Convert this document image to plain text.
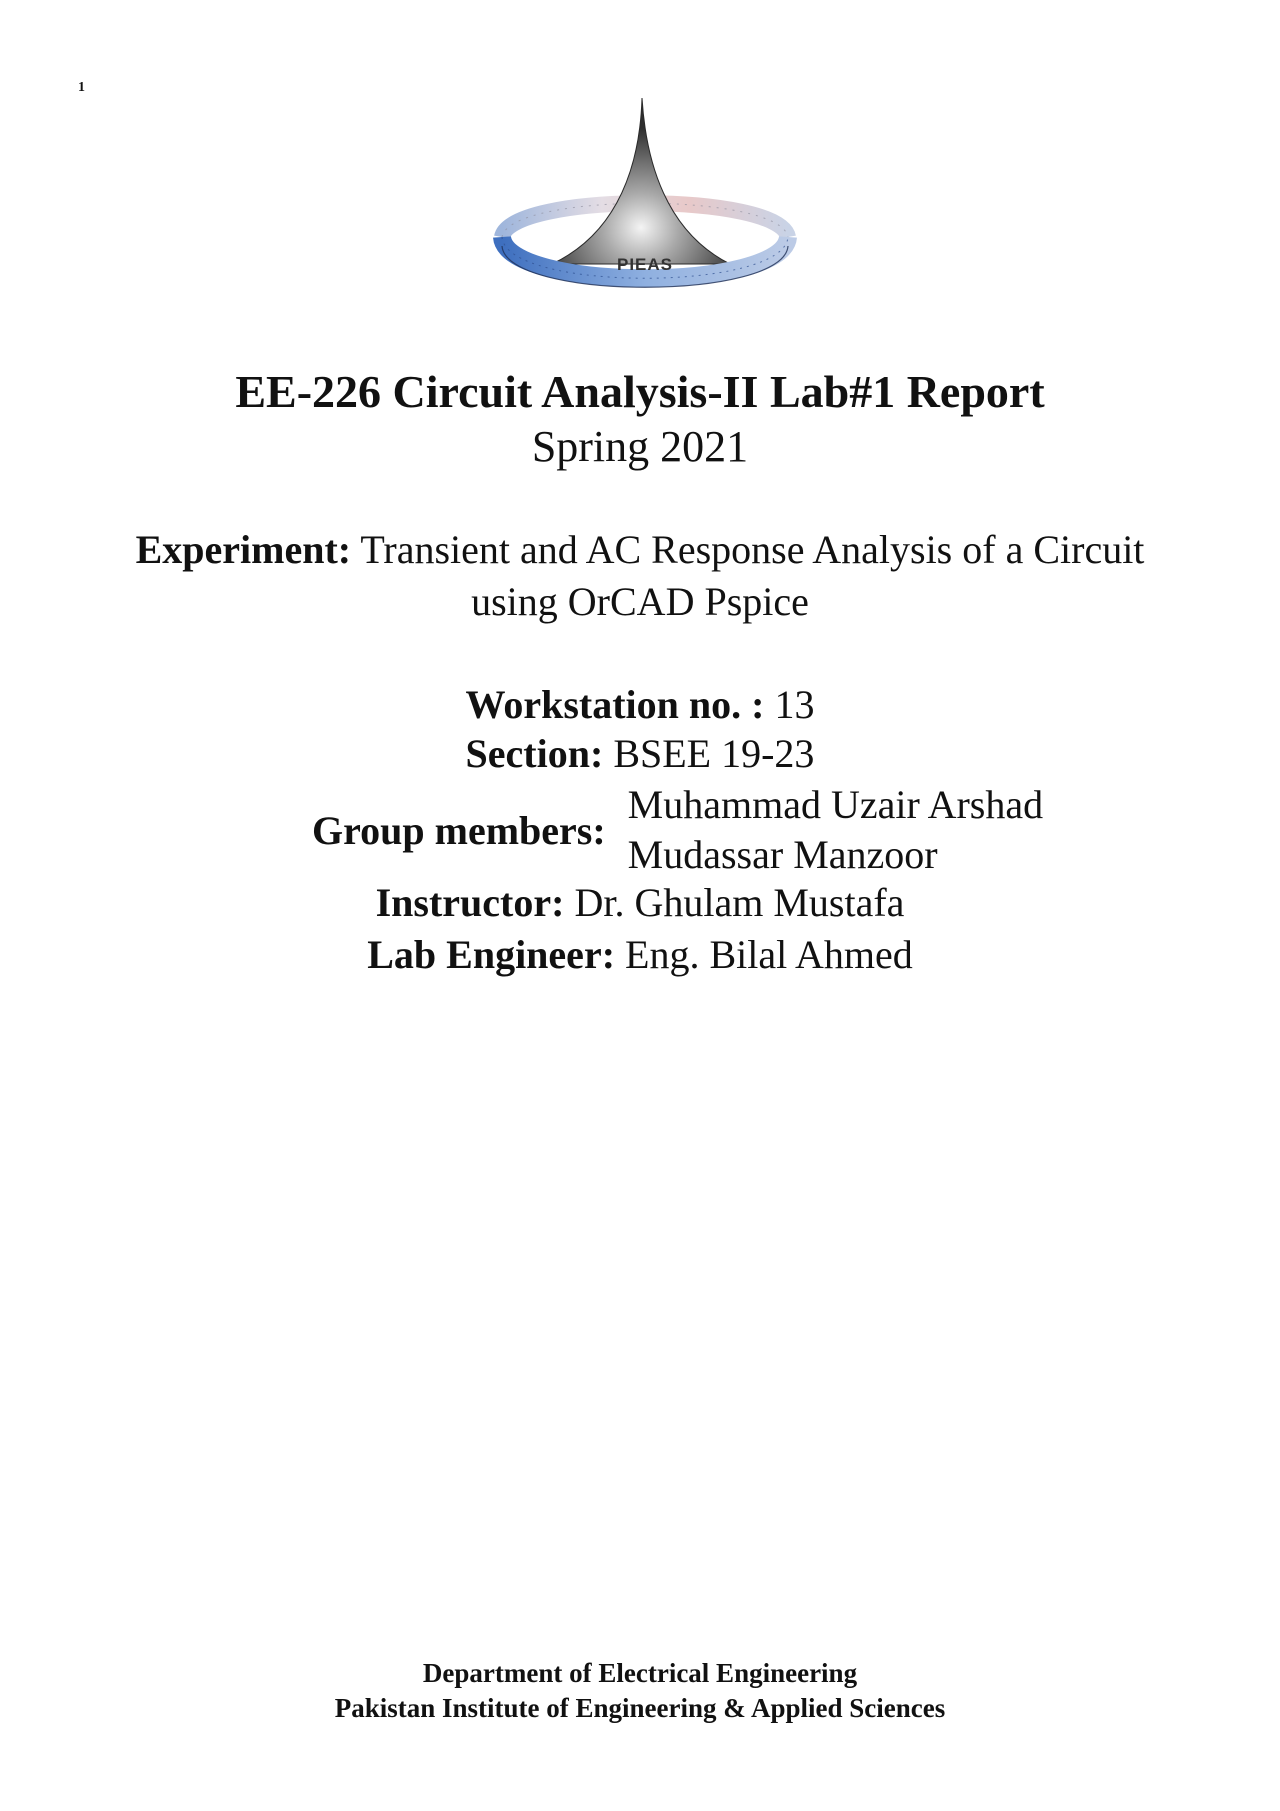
1
PIEAS
EE-226 Circuit Analysis-II Lab#1 Report
Spring 2021
Experiment: Transient and AC Response Analysis of a Circuit
using OrCAD Pspice
Workstation no. : 13
Section: BSEE 19-23
Group members:
Muhammad Uzair Arshad
Mudassar Manzoor
Instructor: Dr. Ghulam Mustafa
Lab Engineer: Eng. Bilal Ahmed
Department of Electrical Engineering
Pakistan Institute of Engineering & Applied Sciences
